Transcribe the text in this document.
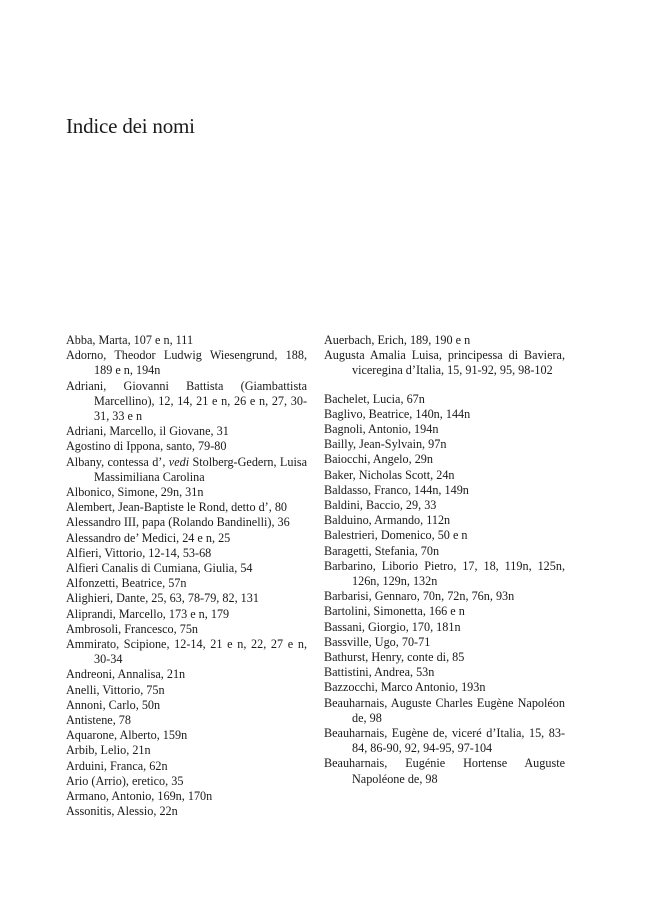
Indice dei nomi

Abba, Marta, 107 e n, 111

Adorno, Theodor Ludwig Wiesengrund, 188, 189 e n, 194n

Adriani, Giovanni Battista (Giambattista Marcellino), 12, 14, 21 e n, 26 e n, 27, 30-31, 33 e n

Adriani, Marcello, il Giovane, 31

Agostino di Ippona, santo, 79-80

Albany, contessa d’, vedi Stolberg-Gedern, Luisa Massimiliana Carolina

Albonico, Simone, 29n, 31n

Alembert, Jean-Baptiste le Rond, detto d’, 80

Alessandro III, papa (Rolando Bandinelli), 36

Alessandro de’ Medici, 24 e n, 25

Alfieri, Vittorio, 12-14, 53-68

Alfieri Canalis di Cumiana, Giulia, 54

Alfonzetti, Beatrice, 57n

Alighieri, Dante, 25, 63, 78-79, 82, 131

Aliprandi, Marcello, 173 e n, 179

Ambrosoli, Francesco, 75n

Ammirato, Scipione, 12-14, 21 e n, 22, 27 e n, 30-34

Andreoni, Annalisa, 21n

Anelli, Vittorio, 75n

Annoni, Carlo, 50n

Antistene, 78

Aquarone, Alberto, 159n

Arbib, Lelio, 21n

Arduini, Franca, 62n

Ario (Arrio), eretico, 35

Armano, Antonio, 169n, 170n

Assonitis, Alessio, 22n

Auerbach, Erich, 189, 190 e n

Augusta Amalia Luisa, principessa di Baviera, viceregina d’Italia, 15, 91-92, 95, 98-102

Bachelet, Lucia, 67n

Baglivo, Beatrice, 140n, 144n

Bagnoli, Antonio, 194n

Bailly, Jean-Sylvain, 97n

Baiocchi, Angelo, 29n

Baker, Nicholas Scott, 24n

Baldasso, Franco, 144n, 149n

Baldini, Baccio, 29, 33

Balduino, Armando, 112n

Balestrieri, Domenico, 50 e n

Baragetti, Stefania, 70n

Barbarino, Liborio Pietro, 17, 18, 119n, 125n, 126n, 129n, 132n

Barbarisi, Gennaro, 70n, 72n, 76n, 93n

Bartolini, Simonetta, 166 e n

Bassani, Giorgio, 170, 181n

Bassville, Ugo, 70-71

Bathurst, Henry, conte di, 85

Battistini, Andrea, 53n

Bazzocchi, Marco Antonio, 193n

Beauharnais, Auguste Charles Eugène Napoléon de, 98

Beauharnais, Eugène de, viceré d’Italia, 15, 83-84, 86-90, 92, 94-95, 97-104

Beauharnais, Eugénie Hortense Auguste Napoléone de, 98
